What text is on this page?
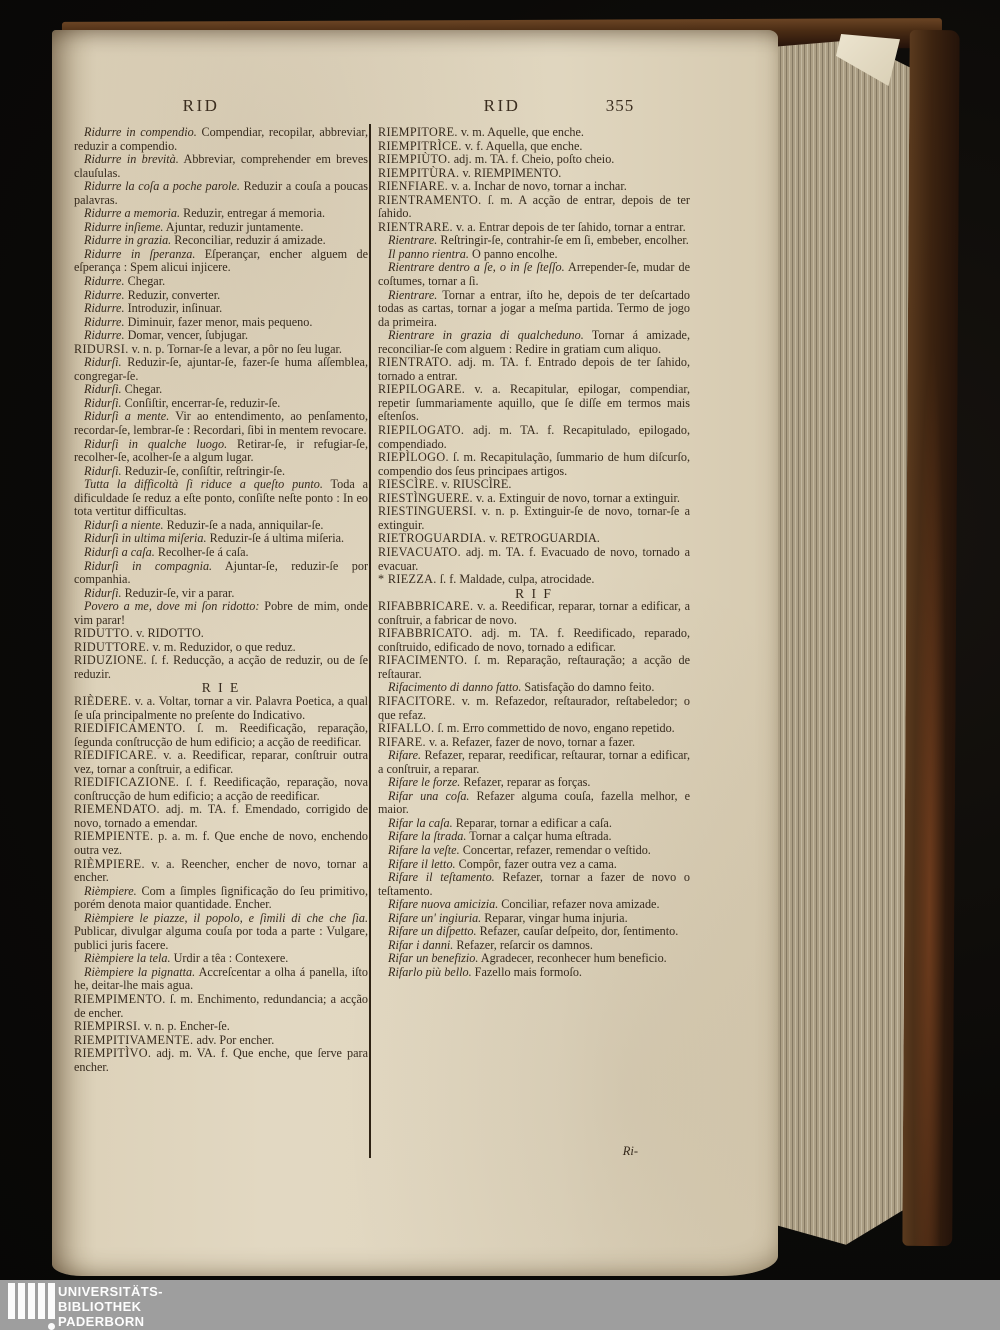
RID	RID	355

Ridurre in compendio. Compendiar, recopilar, abbreviar, reduzir a compendio.

Ridurre in brevità. Abbreviar, comprehender em breves clauſulas.

Ridurre la coſa a poche parole. Reduzir a couſa a poucas palavras.

Ridurre a memoria. Reduzir, entregar á memoria.

Ridurre inſieme. Ajuntar, reduzir juntamente.

Ridurre in grazia. Reconciliar, reduzir á amizade.

Ridurre in ſperanza. Eſperançar, encher alguem de eſperança : Spem alicui injicere.

Ridurre. Chegar.

Ridurre. Reduzir, converter.

Ridurre. Introduzir, inſinuar.

Ridurre. Diminuir, fazer menor, mais pequeno.

Ridurre. Domar, vencer, ſubjugar.

RIDURSI. v. n. p. Tornar-ſe a levar, a pôr no ſeu lugar.

Ridurſi. Reduzir-ſe, ajuntar-ſe, fazer-ſe huma aſſemblea, congregar-ſe.

Ridurſi. Chegar.

Ridurſi. Conſiſtir, encerrar-ſe, reduzir-ſe.

Ridurſi a mente. Vir ao entendimento, ao penſamento, recordar-ſe, lembrar-ſe : Recordari, ſibi in mentem revocare.

Ridurſi in qualche luogo. Retirar-ſe, ir refugiar-ſe, recolher-ſe, acolher-ſe a algum lugar.

Ridurſi. Reduzir-ſe, conſiſtir, reſtringir-ſe.

Tutta la difficoltà ſi riduce a queſto punto. Toda a dificuldade ſe reduz a eſte ponto, conſiſte neſte ponto : In eo tota vertitur difficultas.

Ridurſi a niente. Reduzir-ſe a nada, anniquilar-ſe.

Ridurſi in ultima miſeria. Reduzir-ſe á ultima miſeria.

Ridurſi a caſa. Recolher-ſe á caſa.

Ridurſi in compagnia. Ajuntar-ſe, reduzir-ſe por companhia.

Ridurſi. Reduzir-ſe, vir a parar.

Povero a me, dove mi ſon ridotto: Pobre de mim, onde vim parar!

RIDUTTO. v. RIDOTTO.

RIDUTTORE. v. m. Reduzidor, o que reduz.

RIDUZIONE. ſ. f. Reducção, a acção de reduzir, ou de ſe reduzir.

R I E

RIÈDERE. v. a. Voltar, tornar a vir. Palavra Poetica, a qual ſe uſa principalmente no preſente do Indicativo.

RIEDIFICAMENTO. ſ. m. Reedificação, reparação, ſegunda conſtrucção de hum edificio; a acção de reedificar.

RIEDIFICARE. v. a. Reedificar, reparar, conſtruir outra vez, tornar a conſtruir, a edificar.

RIEDIFICAZIONE. ſ. f. Reedificação, reparação, nova conſtrucção de hum edificio; a acção de reedificar.

RIEMENDATO. adj. m. TA. f. Emendado, corrigido de novo, tornado a emendar.

RIEMPIENTE. p. a. m. f. Que enche de novo, enchendo outra vez.

RIÈMPIERE. v. a. Reencher, encher de novo, tornar a encher.

Rièmpiere. Com a ſimples ſignificação do ſeu primitivo, porém denota maior quantidade. Encher.

Rièmpiere le piazze, il popolo, e ſimili di che che ſia. Publicar, divulgar alguma couſa por toda a parte : Vulgare, publici juris facere.

Rièmpiere la tela. Urdir a têa : Contexere.

Rièmpiere la pignatta. Accreſcentar a olha á panella, iſto he, deitar-lhe mais agua.

RIEMPIMENTO. ſ. m. Enchimento, redundancia; a acção de encher.

RIEMPIRSI. v. n. p. Encher-ſe.

RIEMPITIVAMENTE. adv. Por encher.

RIEMPITÌVO. adj. m. VA. f. Que enche, que ſerve para encher.

RIEMPITORE. v. m. Aquelle, que enche.

RIEMPITRÌCE. v. f. Aquella, que enche.

RIEMPIÙTO. adj. m. TA. f. Cheio, poſto cheio.

RIEMPITÙRA. v. RIEMPIMENTO.

RIENFIARE. v. a. Inchar de novo, tornar a inchar.

RIENTRAMENTO. ſ. m. A acção de entrar, depois de ter ſahido.

RIENTRARE. v. a. Entrar depois de ter ſahido, tornar a entrar.

Rientrare. Reſtringir-ſe, contrahir-ſe em ſi, embeber, encolher.

Il panno rientra. O panno encolhe.

Rientrare dentro a ſe, o in ſe ſteſſo. Arrepender-ſe, mudar de coſtumes, tornar a ſi.

Rientrare. Tornar a entrar, iſto he, depois de ter deſcartado todas as cartas, tornar a jogar a meſma partida. Termo de jogo da primeira.

Rientrare in grazia di qualcheduno. Tornar á amizade, reconciliar-ſe com alguem : Redire in gratiam cum aliquo.

RIENTRATO. adj. m. TA. f. Entrado depois de ter ſahido, tornado a entrar.

RIEPILOGARE. v. a. Recapitular, epilogar, compendiar, repetir ſummariamente aquillo, que ſe diſſe em termos mais eſtenſos.

RIEPILOGATO. adj. m. TA. f. Recapitulado, epilogado, compendiado.

RIEPÌLOGO. ſ. m. Recapitulação, ſummario de hum diſcurſo, compendio dos ſeus principaes artigos.

RIESCÌRE. v. RIUSCÌRE.

RIESTÌNGUERE. v. a. Extinguir de novo, tornar a extinguir.

RIESTINGUERSI. v. n. p. Extinguir-ſe de novo, tornar-ſe a extinguir.

RIETROGUARDIA. v. RETROGUARDIA.

RIEVACUATO. adj. m. TA. f. Evacuado de novo, tornado a evacuar.

* RIEZZA. ſ. f. Maldade, culpa, atrocidade.

R I F

RIFABBRICARE. v. a. Reedificar, reparar, tornar a edificar, a conſtruir, a fabricar de novo.

RIFABBRICATO. adj. m. TA. f. Reedificado, reparado, conſtruido, edificado de novo, tornado a edificar.

RIFACIMENTO. ſ. m. Reparação, reſtauração; a acção de reſtaurar.

Rifacimento di danno fatto. Satisfação do damno feito.

RIFACITORE. v. m. Refazedor, reſtaurador, reſtabeledor; o que refaz.

RIFALLO. ſ. m. Erro commettido de novo, engano repetido.

RIFARE. v. a. Refazer, fazer de novo, tornar a fazer.

Rifare. Refazer, reparar, reedificar, reſtaurar, tornar a edificar, a conſtruir, a reparar.

Rifare le forze. Refazer, reparar as forças.

Rifar una coſa. Refazer alguma couſa, fazella melhor, e maior.

Rifar la caſa. Reparar, tornar a edificar a caſa.

Rifare la ſtrada. Tornar a calçar huma eſtrada.

Rifare la veſte. Concertar, refazer, remendar o veſtido.

Rifare il letto. Compôr, fazer outra vez a cama.

Rifare il teſtamento. Refazer, tornar a fazer de novo o teſtamento.

Rifare nuova amicizia. Conciliar, refazer nova amizade.

Rifare un' ingiuria. Reparar, vingar huma injuria.

Rifare un diſpetto. Refazer, cauſar deſpeito, dor, ſentimento.

Rifar i danni. Refazer, reſarcir os damnos.

Rifar un benefizio. Agradecer, reconhecer hum beneficio.

Rifarlo più bello. Fazello mais formoſo.

Ri-
UNIVERSITÄTS-
BIBLIOTHEK
PADERBORN
